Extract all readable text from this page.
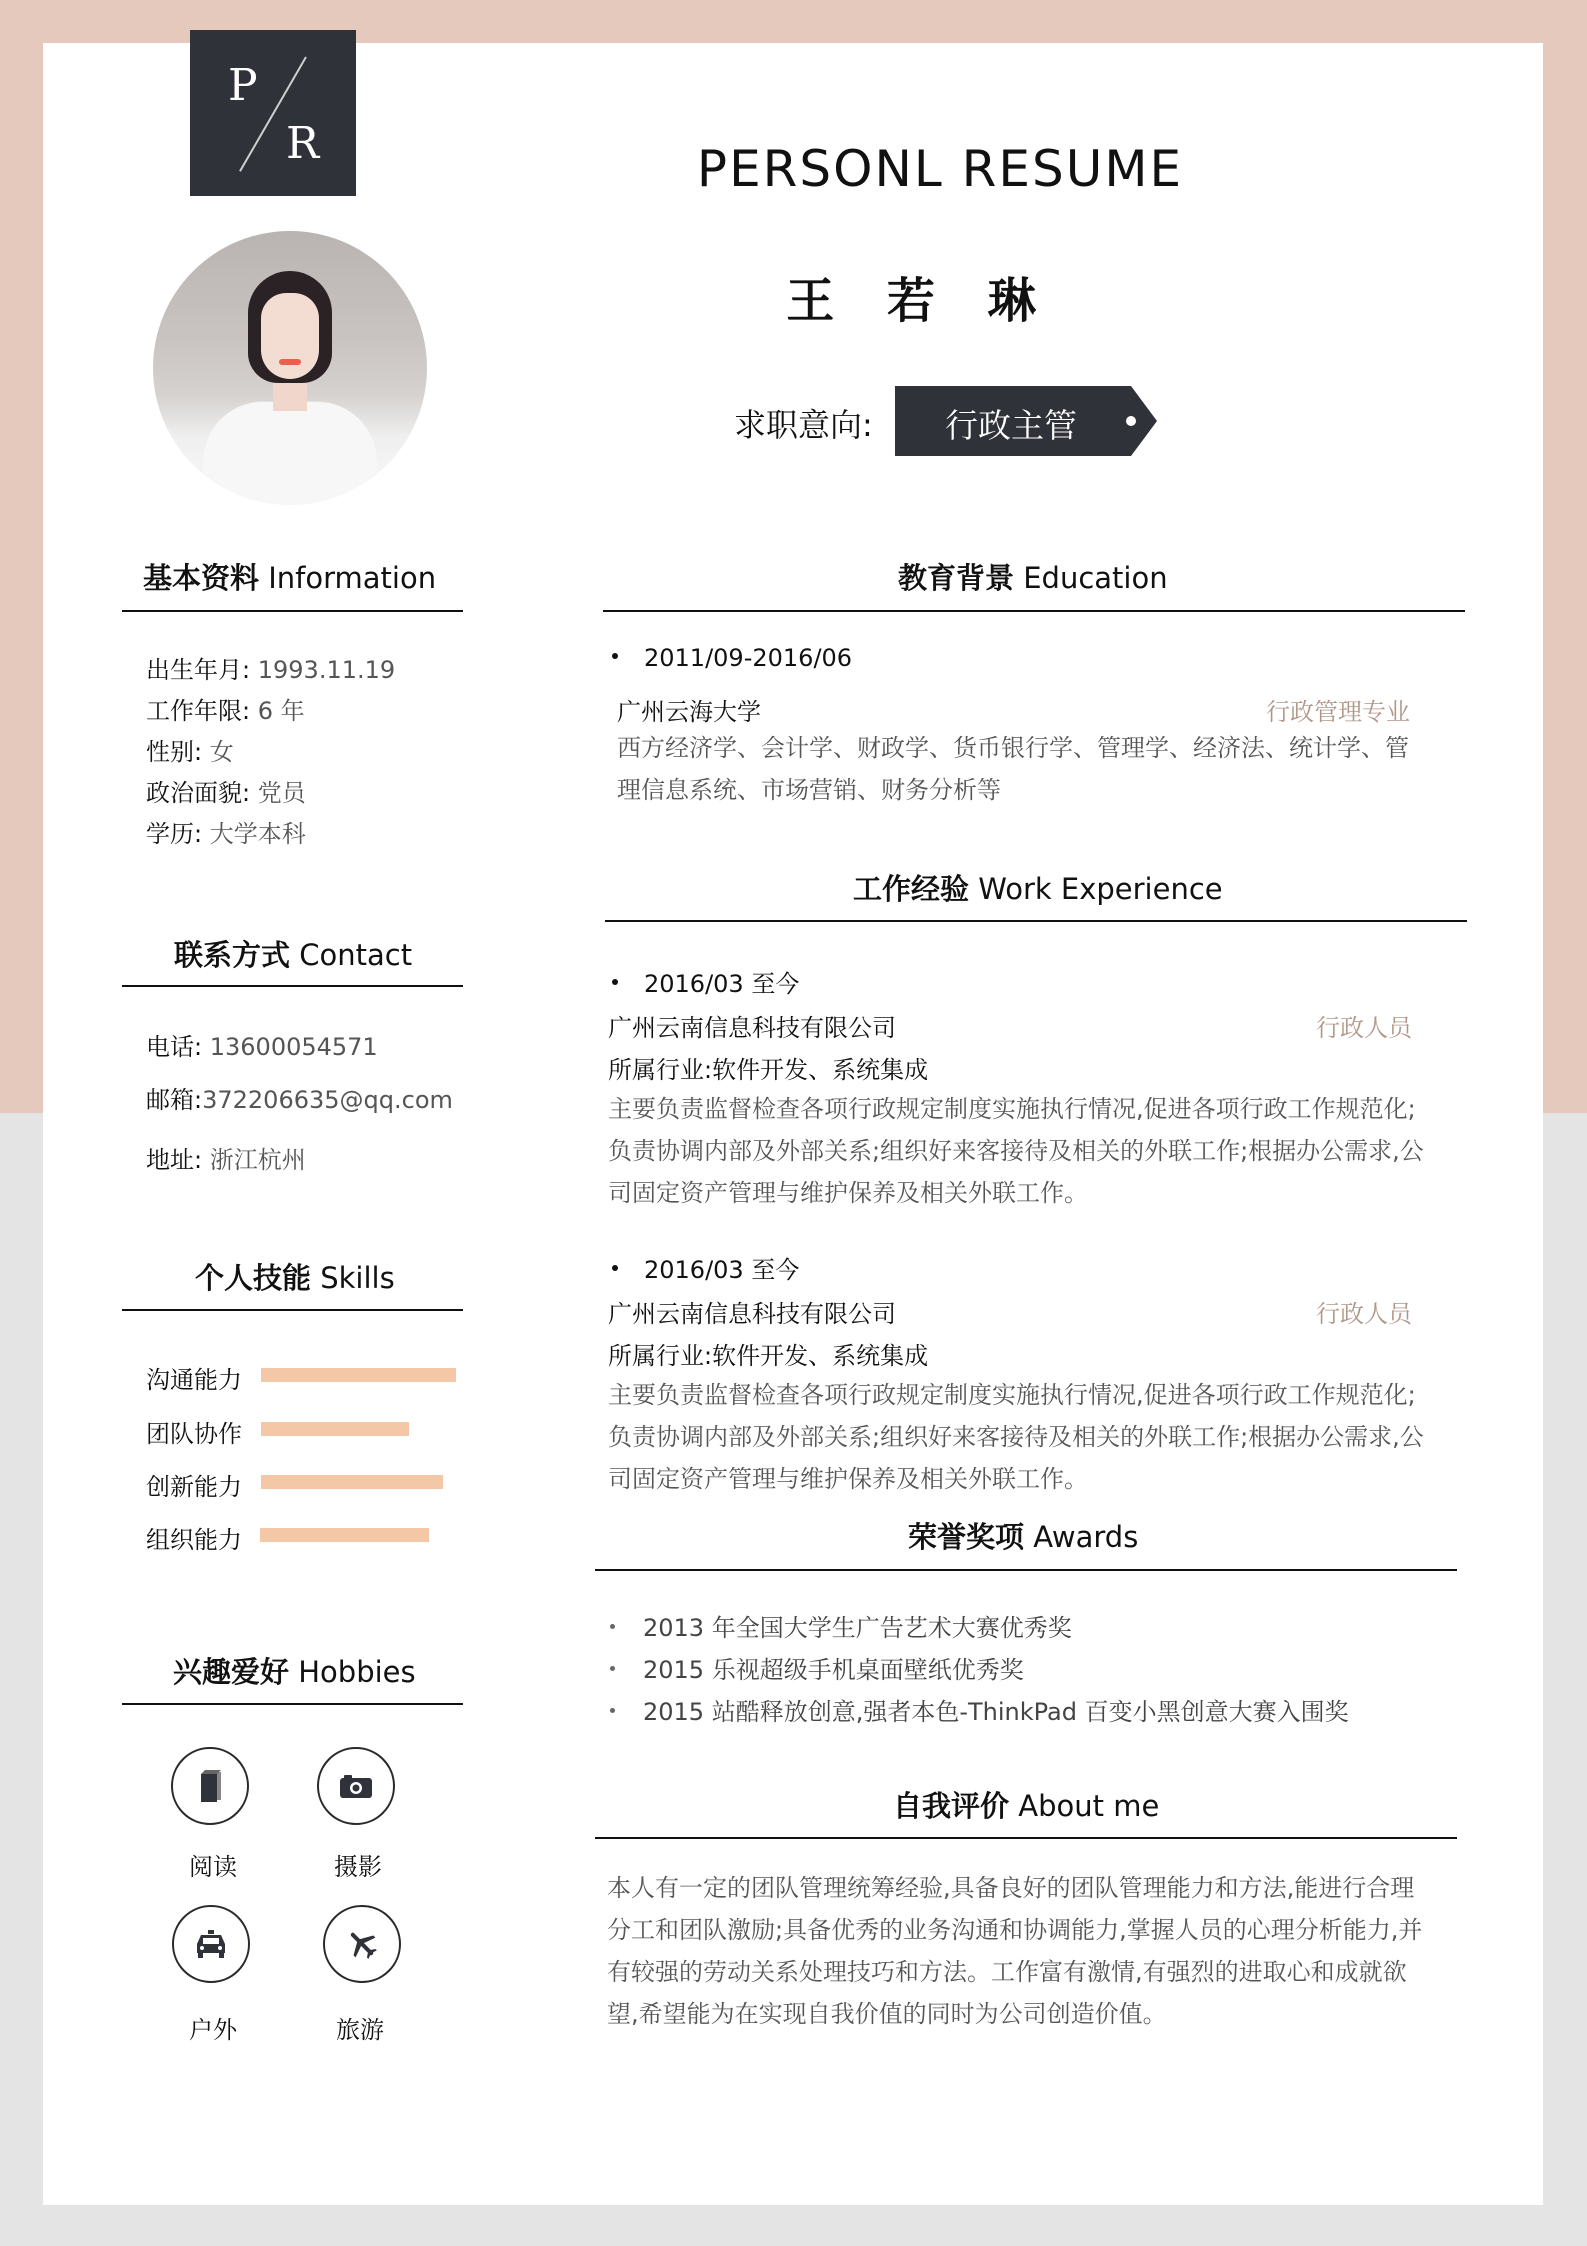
P
R	PERSONL RESUME
王 若 琳
求职意向: 行政主管
基本资料 Information
出生年月: 1993.11.19
工作年限: 6 年
性别: 女
政治面貌: 党员
学历: 大学本科
联系方式 Contact
电话: 13600054571
邮箱:372206635@qq.com
地址: 浙江杭州
个人技能 Skills
沟通能力
团队协作
创新能力
组织能力
兴趣爱好 Hobbies
阅读	摄影
户外	旅游
教育背景 Education
2011/09-2016/06
广州云海大学	行政管理专业
西方经济学、会计学、财政学、货币银行学、管理学、经济法、统计学、管理信息系统、市场营销、财务分析等
工作经验 Work Experience
2016/03 至今
广州云南信息科技有限公司	行政人员
所属行业:软件开发、系统集成
主要负责监督检查各项行政规定制度实施执行情况,促进各项行政工作规范化;负责协调内部及外部关系;组织好来客接待及相关的外联工作;根据办公需求,公司固定资产管理与维护保养及相关外联工作。
2016/03 至今
广州云南信息科技有限公司	行政人员
所属行业:软件开发、系统集成
主要负责监督检查各项行政规定制度实施执行情况,促进各项行政工作规范化;负责协调内部及外部关系;组织好来客接待及相关的外联工作;根据办公需求,公司固定资产管理与维护保养及相关外联工作。
荣誉奖项 Awards
2013 年全国大学生广告艺术大赛优秀奖
2015 乐视超级手机桌面壁纸优秀奖
2015 站酷释放创意,强者本色-ThinkPad 百变小黑创意大赛入围奖
自我评价 About me
本人有一定的团队管理统筹经验,具备良好的团队管理能力和方法,能进行合理分工和团队激励;具备优秀的业务沟通和协调能力,掌握人员的心理分析能力,并有较强的劳动关系处理技巧和方法。工作富有激情,有强烈的进取心和成就欲望,希望能为在实现自我价值的同时为公司创造价值。
